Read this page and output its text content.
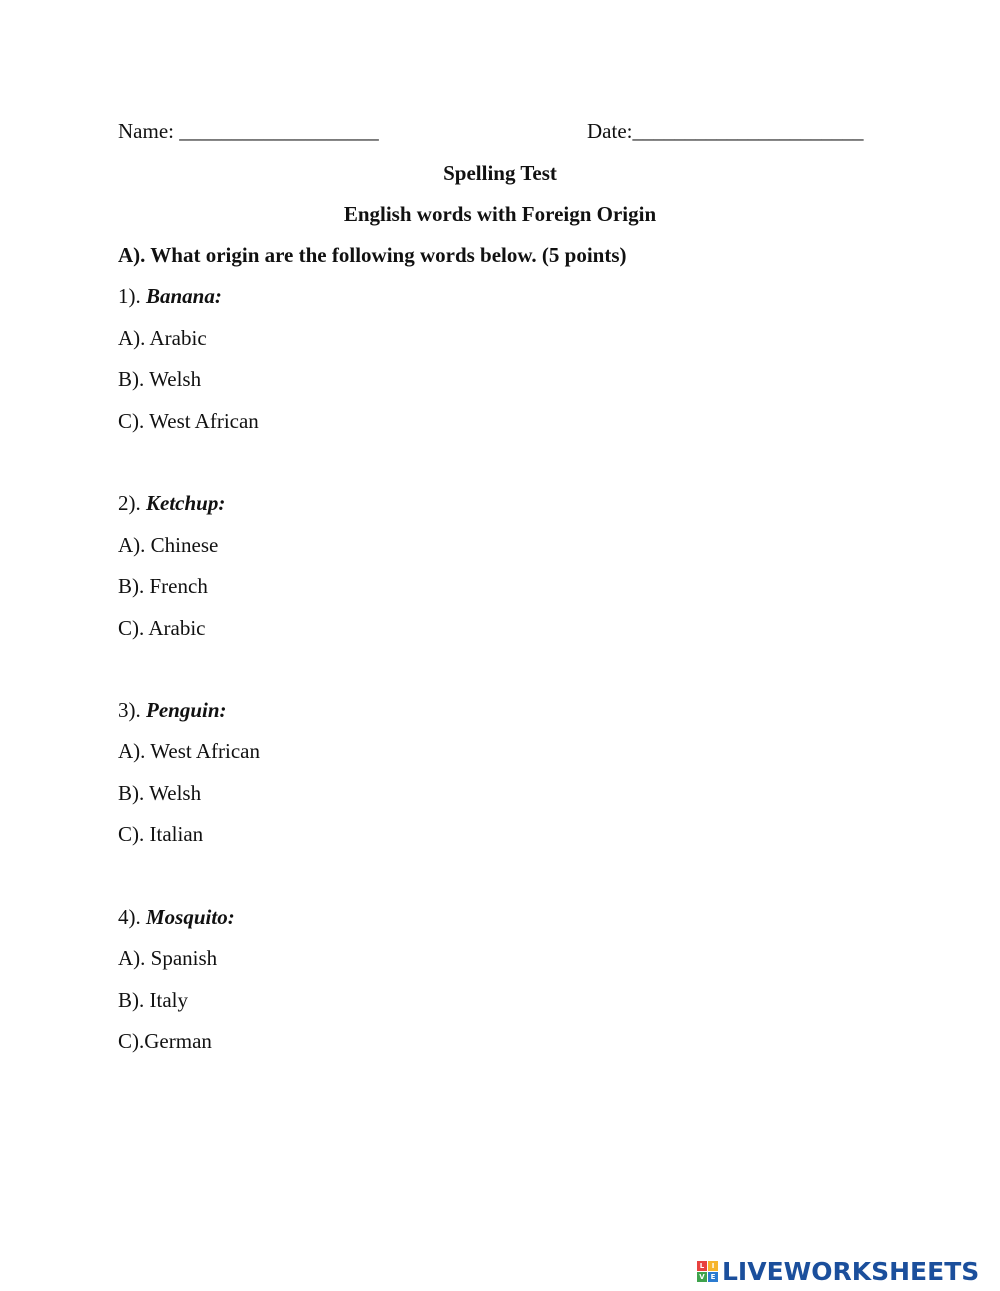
Name: ___________________	Date:______________________
Spelling Test
English words with Foreign Origin
A). What origin are the following words below. (5 points)
1). Banana:
A). Arabic
B). Welsh
C). West African
2). Ketchup:
A). Chinese
B). French
C). Arabic
3). Penguin:
A). West African
B). Welsh
C). Italian
4). Mosquito:
A). Spanish
B). Italy
C).German
L	I
V E LIVEWORKSHEETS
